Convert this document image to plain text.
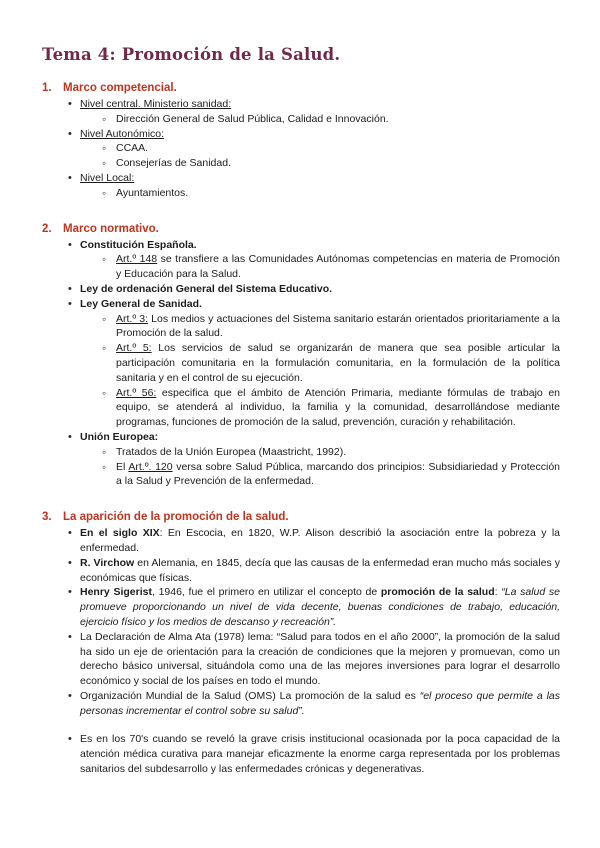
Tema 4: Promoción de la Salud.
1. Marco competencial.
• Nivel central. Ministerio sanidad:
◦ Dirección General de Salud Pública, Calidad e Innovación.
• Nivel Autonómico:
◦ CCAA.
◦ Consejerías de Sanidad.
• Nivel Local:
◦ Ayuntamientos.
2. Marco normativo.
• Constitución Española.
◦ Art.º 148 se transfiere a las Comunidades Autónomas competencias en materia de Promoción y Educación para la Salud.
• Ley de ordenación General del Sistema Educativo.
• Ley General de Sanidad.
◦ Art.º 3: Los medios y actuaciones del Sistema sanitario estarán orientados prioritariamente a la Promoción de la salud.
◦ Art.º 5: Los servicios de salud se organizarán de manera que sea posible articular la participación comunitaria en la formulación comunitaria, en la formulación de la política sanitaria y en el control de su ejecución.
◦ Art.º 56: especifica que el ámbito de Atención Primaria, mediante fórmulas de trabajo en equipo, se atenderá al individuo, la familia y la comunidad, desarrollándose mediante programas, funciones de promoción de la salud, prevención, curación y rehabilitación.
• Unión Europea:
◦ Tratados de la Unión Europea (Maastricht, 1992).
◦ El Art.º. 120 versa sobre Salud Pública, marcando dos principios: Subsidiariedad y Protección a la Salud y Prevención de la enfermedad.
3. La aparición de la promoción de la salud.
• En el siglo XIX: En Escocia, en 1820, W.P. Alison describió la asociación entre la pobreza y la enfermedad.
• R. Virchow en Alemania, en 1845, decía que las causas de la enfermedad eran mucho más sociales y económicas que físicas.
• Henry Sigerist, 1946, fue el primero en utilizar el concepto de promoción de la salud: “La salud se promueve proporcionando un nivel de vida decente, buenas condiciones de trabajo, educación, ejercicio físico y los medios de descanso y recreación”.
• La Declaración de Alma Ata (1978) lema: “Salud para todos en el año 2000”, la promoción de la salud ha sido un eje de orientación para la creación de condiciones que la mejoren y promuevan, como un derecho básico universal, situándola como una de las mejores inversiones para lograr el desarrollo económico y social de los países en todo el mundo.
• Organización Mundial de la Salud (OMS) La promoción de la salud es “el proceso que permite a las personas incrementar el control sobre su salud”.
• Es en los 70's cuando se reveló la grave crisis institucional ocasionada por la poca capacidad de la atención médica curativa para manejar eficazmente la enorme carga representada por los problemas sanitarios del subdesarrollo y las enfermedades crónicas y degenerativas.
